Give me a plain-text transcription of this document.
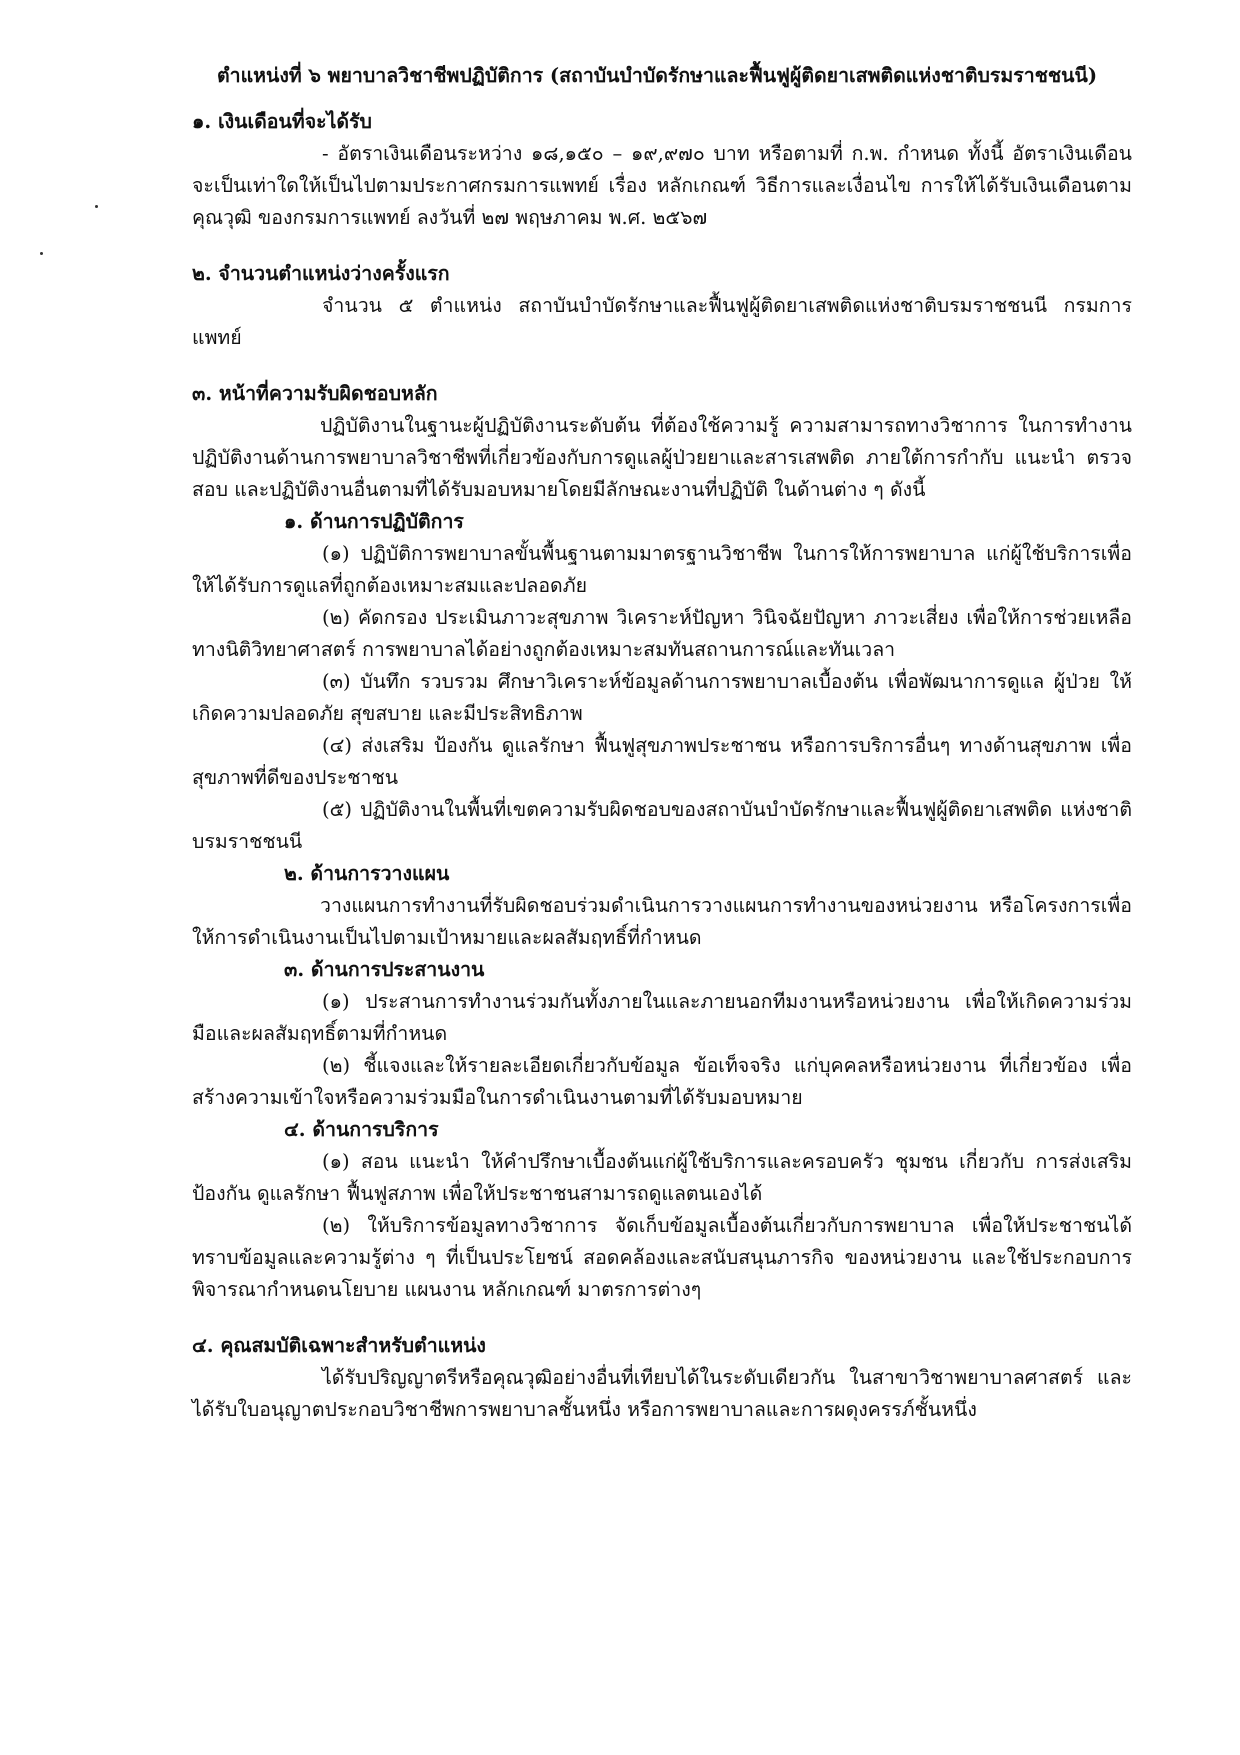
ตำแหน่งที่ ๖ พยาบาลวิชาชีพปฏิบัติการ (สถาบันบำบัดรักษาและฟื้นฟูผู้ติดยาเสพติดแห่งชาติบรมราชชนนี)
๑. เงินเดือนที่จะได้รับ

- อัตราเงินเดือนระหว่าง ๑๘,๑๕๐ – ๑๙,๙๗๐ บาท หรือตามที่ ก.พ. กำหนด ทั้งนี้ อัตราเงินเดือน จะเป็นเท่าใดให้เป็นไปตามประกาศกรมการแพทย์ เรื่อง หลักเกณฑ์ วิธีการและเงื่อนไข การให้ได้รับเงินเดือนตามคุณวุฒิ ของกรมการแพทย์ ลงวันที่ ๒๗ พฤษภาคม พ.ศ. ๒๕๖๗

๒. จำนวนตำแหน่งว่างครั้งแรก

จำนวน ๕ ตำแหน่ง สถาบันบำบัดรักษาและฟื้นฟูผู้ติดยาเสพติดแห่งชาติบรมราชชนนี กรมการแพทย์

๓. หน้าที่ความรับผิดชอบหลัก

ปฏิบัติงานในฐานะผู้ปฏิบัติงานระดับต้น ที่ต้องใช้ความรู้ ความสามารถทางวิชาการ ในการทำงาน ปฏิบัติงานด้านการพยาบาลวิชาชีพที่เกี่ยวข้องกับการดูแลผู้ป่วยยาและสารเสพติด ภายใต้การกำกับ แนะนำ ตรวจสอบ และปฏิบัติงานอื่นตามที่ได้รับมอบหมายโดยมีลักษณะงานที่ปฏิบัติ ในด้านต่าง ๆ ดังนี้

๑. ด้านการปฏิบัติการ

(๑) ปฏิบัติการพยาบาลขั้นพื้นฐานตามมาตรฐานวิชาชีพ ในการให้การพยาบาล แก่ผู้ใช้บริการเพื่อให้ได้รับการดูแลที่ถูกต้องเหมาะสมและปลอดภัย

(๒) คัดกรอง ประเมินภาวะสุขภาพ วิเคราะห์ปัญหา วินิจฉัยปัญหา ภาวะเสี่ยง เพื่อให้การช่วยเหลือทางนิติวิทยาศาสตร์ การพยาบาลได้อย่างถูกต้องเหมาะสมทันสถานการณ์และทันเวลา

(๓) บันทึก รวบรวม ศึกษาวิเคราะห์ข้อมูลด้านการพยาบาลเบื้องต้น เพื่อพัฒนาการดูแล ผู้ป่วย ให้เกิดความปลอดภัย สุขสบาย และมีประสิทธิภาพ

(๔) ส่งเสริม ป้องกัน ดูแลรักษา ฟื้นฟูสุขภาพประชาชน หรือการบริการอื่นๆ ทางด้านสุขภาพ เพื่อสุขภาพที่ดีของประชาชน

(๕) ปฏิบัติงานในพื้นที่เขตความรับผิดชอบของสถาบันบำบัดรักษาและฟื้นฟูผู้ติดยาเสพติด แห่งชาติบรมราชชนนี

๒. ด้านการวางแผน

วางแผนการทำงานที่รับผิดชอบร่วมดำเนินการวางแผนการทำงานของหน่วยงาน หรือโครงการเพื่อให้การดำเนินงานเป็นไปตามเป้าหมายและผลสัมฤทธิ์ที่กำหนด

๓. ด้านการประสานงาน

(๑) ประสานการทำงานร่วมกันทั้งภายในและภายนอกทีมงานหรือหน่วยงาน เพื่อให้เกิดความร่วมมือและผลสัมฤทธิ์ตามที่กำหนด

(๒) ชี้แจงและให้รายละเอียดเกี่ยวกับข้อมูล ข้อเท็จจริง แก่บุคคลหรือหน่วยงาน ที่เกี่ยวข้อง เพื่อสร้างความเข้าใจหรือความร่วมมือในการดำเนินงานตามที่ได้รับมอบหมาย

๔. ด้านการบริการ

(๑) สอน แนะนำ ให้คำปรึกษาเบื้องต้นแก่ผู้ใช้บริการและครอบครัว ชุมชน เกี่ยวกับ การส่งเสริม ป้องกัน ดูแลรักษา ฟื้นฟูสภาพ เพื่อให้ประชาชนสามารถดูแลตนเองได้

(๒) ให้บริการข้อมูลทางวิชาการ จัดเก็บข้อมูลเบื้องต้นเกี่ยวกับการพยาบาล เพื่อให้ประชาชนได้ทราบข้อมูลและความรู้ต่าง ๆ ที่เป็นประโยชน์ สอดคล้องและสนับสนุนภารกิจ ของหน่วยงาน และใช้ประกอบการพิจารณากำหนดนโยบาย แผนงาน หลักเกณฑ์ มาตรการต่างๆ

๔. คุณสมบัติเฉพาะสำหรับตำแหน่ง

ได้รับปริญญาตรีหรือคุณวุฒิอย่างอื่นที่เทียบได้ในระดับเดียวกัน ในสาขาวิชาพยาบาลศาสตร์ และได้รับใบอนุญาตประกอบวิชาชีพการพยาบาลชั้นหนึ่ง หรือการพยาบาลและการผดุงครรภ์ชั้นหนึ่ง
